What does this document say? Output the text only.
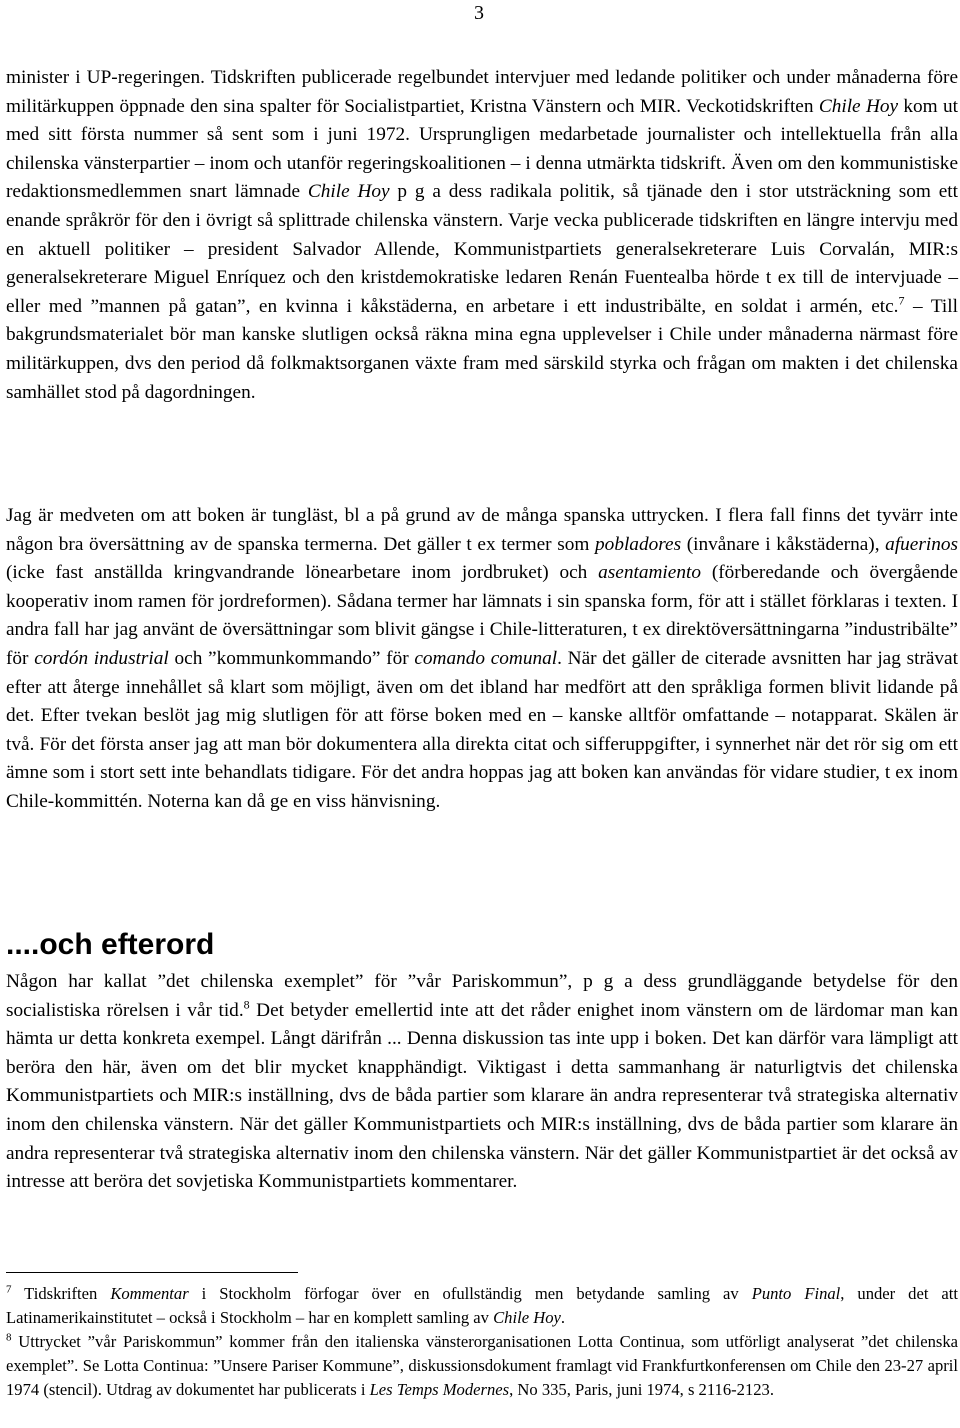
3

minister i UP-regeringen. Tidskriften publicerade regelbundet intervjuer med ledande politiker och under månaderna före militärkuppen öppnade den sina spalter för Socialistpartiet, Kristna Vänstern och MIR. Veckotidskriften Chile Hoy kom ut med sitt första nummer så sent som i juni 1972. Ursprungligen medarbetade journalister och intellektuella från alla chilenska vänsterpartier – inom och utanför regeringskoalitionen – i denna utmärkta tidskrift. Även om den kommunistiske redaktionsmedlemmen snart lämnade Chile Hoy p g a dess radikala politik, så tjänade den i stor utsträckning som ett enande språkrör för den i övrigt så splittrade chilenska vänstern. Varje vecka publicerade tidskriften en längre intervju med en aktuell politiker – president Salvador Allende, Kommunistpartiets generalsekreterare Luis Corvalán, MIR:s generalsekreterare Miguel Enríquez och den kristdemokratiske ledaren Renán Fuentealba hörde t ex till de intervjuade – eller med ”mannen på gatan”, en kvinna i kåkstäderna, en arbetare i ett industribälte, en soldat i armén, etc.$^7$ – Till bakgrundsmaterialet bör man kanske slutligen också räkna mina egna upplevelser i Chile under månaderna närmast före militärkuppen, dvs den period då folkmaktsorganen växte fram med särskild styrka och frågan om makten i det chilenska samhället stod på dagordningen.

Jag är medveten om att boken är tungläst, bl a på grund av de många spanska uttrycken. I flera fall finns det tyvärr inte någon bra översättning av de spanska termerna. Det gäller t ex termer som pobladores (invånare i kåkstäderna), afuerinos (icke fast anställda kringvandrande lönearbetare inom jordbruket) och asentamiento (förberedande och övergående kooperativ inom ramen för jordreformen). Sådana termer har lämnats i sin spanska form, för att i stället förklaras i texten. I andra fall har jag använt de översättningar som blivit gängse i Chile-litteraturen, t ex direktöversättningarna ”industribälte” för cordón industrial och ”kommunkommando” för comando comunal. När det gäller de citerade avsnitten har jag strävat efter att återge innehållet så klart som möjligt, även om det ibland har medfört att den språkliga formen blivit lidande på det. Efter tvekan beslöt jag mig slutligen för att förse boken med en – kanske alltför omfattande – notapparat. Skälen är två. För det första anser jag att man bör dokumentera alla direkta citat och sifferuppgifter, i synnerhet när det rör sig om ett ämne som i stort sett inte behandlats tidigare. För det andra hoppas jag att boken kan användas för vidare studier, t ex inom Chile-kommittén. Noterna kan då ge en viss hänvisning.

....och efterord

Någon har kallat ”det chilenska exemplet” för ”vår Pariskommun”, p g a dess grundläggande betydelse för den socialistiska rörelsen i vår tid.$^8$ Det betyder emellertid inte att det råder enighet inom vänstern om de lärdomar man kan hämta ur detta konkreta exempel. Långt därifrån ... Denna diskussion tas inte upp i boken. Det kan därför vara lämpligt att beröra den här, även om det blir mycket knapphändigt. Viktigast i detta sammanhang är naturligtvis det chilenska Kommunistpartiets och MIR:s inställning, dvs de båda partier som klarare än andra representerar två strategiska alternativ inom den chilenska vänstern. När det gäller Kommunistpartiets och MIR:s inställning, dvs de båda partier som klarare än andra representerar två strategiska alternativ inom den chilenska vänstern. När det gäller Kommunistpartiet är det också av intresse att beröra det sovjetiska Kommunistpartiets kommentarer.

$^7$ Tidskriften Kommentar i Stockholm förfogar över en ofullständig men betydande samling av Punto Final, under det att Latinamerikainstitutet – också i Stockholm – har en komplett samling av Chile Hoy.

$^8$ Uttrycket ”vår Pariskommun” kommer från den italienska vänsterorganisationen Lotta Continua, som utförligt analyserat ”det chilenska exemplet”. Se Lotta Continua: ”Unsere Pariser Kommune”, diskussionsdokument framlagt vid Frankfurtkonferensen om Chile den 23-27 april 1974 (stencil). Utdrag av dokumentet har publicerats i Les Temps Modernes, No 335, Paris, juni 1974, s 2116-2123.
